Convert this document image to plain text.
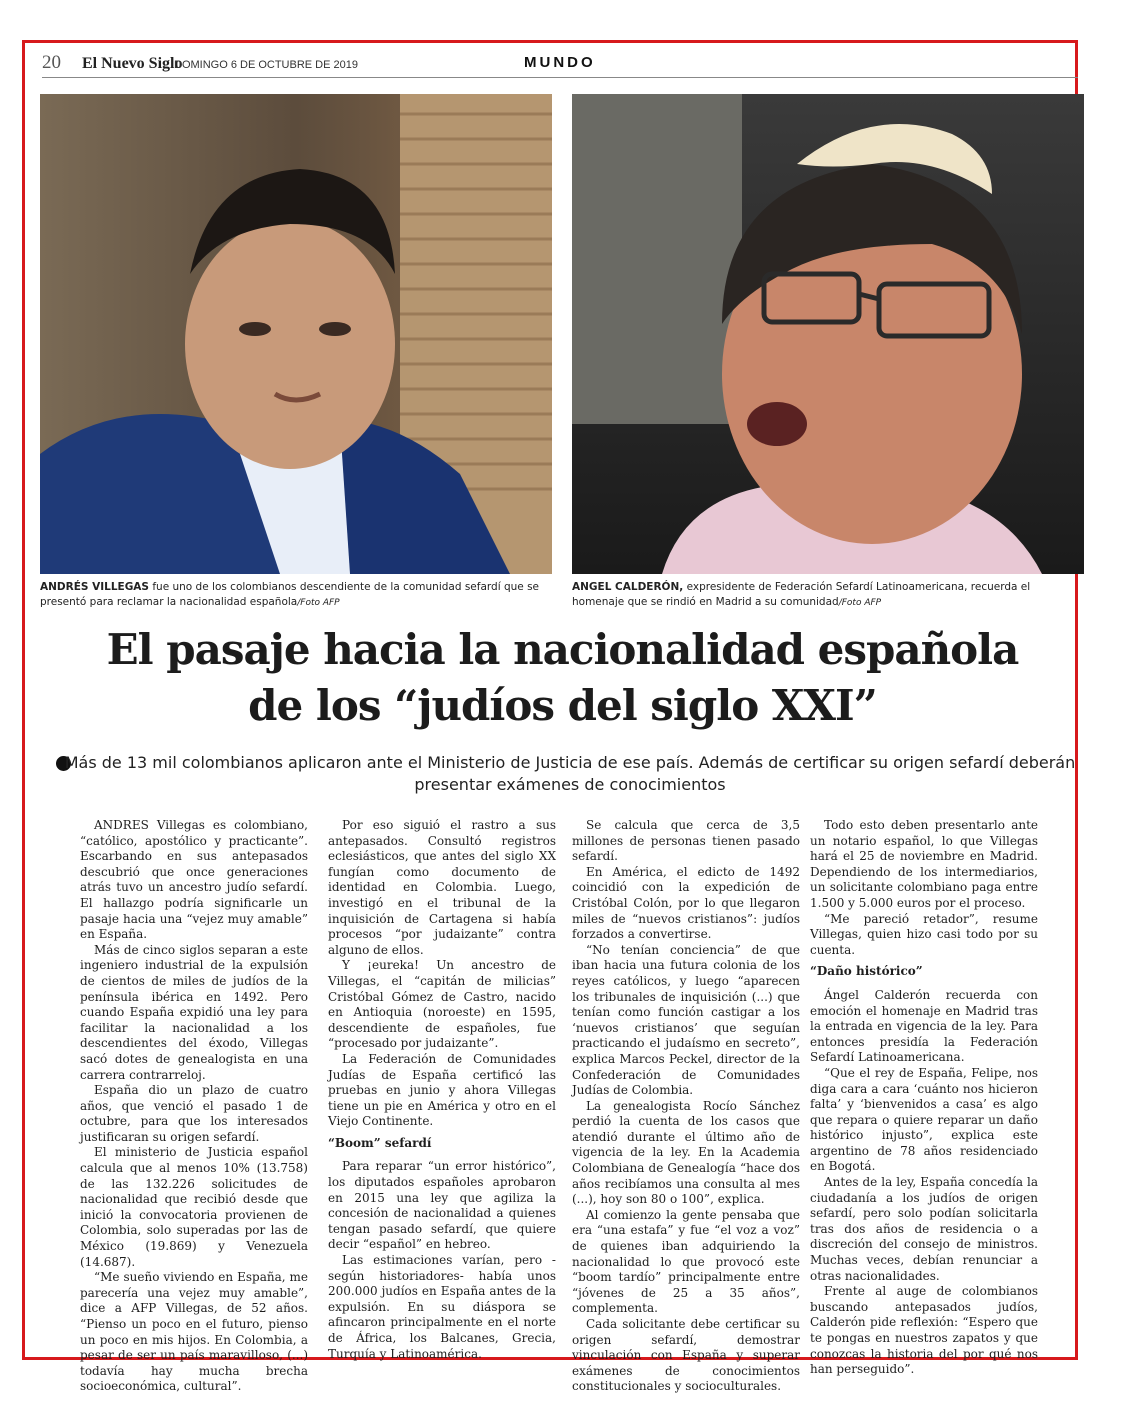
20 El Nuevo Siglo
DOMINGO 6 DE OCTUBRE DE 2019	MUNDO
ANDRÉS VILLEGAS fue uno de los colombianos descendiente de la comunidad sefardí que se presentó para reclamar la nacionalidad española/Foto AFP
ANGEL CALDERÓN, expresidente de Federación Sefardí Latinoamericana, recuerda el homenaje que se rindió en Madrid a su comunidad/Foto AFP
El pasaje hacia la nacionalidad española
de los “judíos del siglo XXI”
Más de 13 mil colombianos aplicaron ante el Ministerio de Justicia de ese país. Además de certificar su origen sefardí deberán presentar exámenes de conocimientos

ANDRES Villegas es colombiano, “católico, apostólico y practicante”. Escarbando en sus antepasados descubrió que once generaciones atrás tuvo un ancestro judío sefardí. El hallazgo podría significarle un pasaje hacia una “vejez muy amable” en España.

Más de cinco siglos separan a este ingeniero industrial de la expulsión de cientos de miles de judíos de la península ibérica en 1492. Pero cuando España expidió una ley para facilitar la nacionalidad a los descendientes del éxodo, Villegas sacó dotes de genealogista en una carrera contrarreloj.

España dio un plazo de cuatro años, que venció el pasado 1 de octubre, para que los interesados justificaran su origen sefardí.

El ministerio de Justicia español calcula que al menos 10% (13.758) de las 132.226 solicitudes de nacionalidad que recibió desde que inició la convocatoria provienen de Colombia, solo superadas por las de México (19.869) y Venezuela (14.687).

“Me sueño viviendo en España, me parecería una vejez muy amable”, dice a AFP Villegas, de 52 años. “Pienso un poco en el futuro, pienso un poco en mis hijos. En Colombia, a pesar de ser un país maravilloso, (...) todavía hay mucha brecha socioeconómica, cultural”.

Por eso siguió el rastro a sus antepasados. Consultó registros eclesiásticos, que antes del siglo XX fungían como documento de identidad en Colombia. Luego, investigó en el tribunal de la inquisición de Cartagena si había procesos “por judaizante” contra alguno de ellos.

Y ¡eureka! Un ancestro de Villegas, el “capitán de milicias” Cristóbal Gómez de Castro, nacido en Antioquia (noroeste) en 1595, descendiente de españoles, fue “procesado por judaizante”.

La Federación de Comunidades Judías de España certificó las pruebas en junio y ahora Villegas tiene un pie en América y otro en el Viejo Continente.

“Boom” sefardí

Para reparar “un error histórico”, los diputados españoles aprobaron en 2015 una ley que agiliza la concesión de nacionalidad a quienes tengan pasado sefardí, que quiere decir “español” en hebreo.

Las estimaciones varían, pero -según historiadores- había unos 200.000 judíos en España antes de la expulsión. En su diáspora se afincaron principalmente en el norte de África, los Balcanes, Grecia, Turquía y Latinoamérica.

Se calcula que cerca de 3,5 millones de personas tienen pasado sefardí.

En América, el edicto de 1492 coincidió con la expedición de Cristóbal Colón, por lo que llegaron miles de “nuevos cristianos”: judíos forzados a convertirse.

“No tenían conciencia” de que iban hacia una futura colonia de los reyes católicos, y luego “aparecen los tribunales de inquisición (...) que tenían como función castigar a los ‘nuevos cristianos’ que seguían practicando el judaísmo en secreto”, explica Marcos Peckel, director de la Confederación de Comunidades Judías de Colombia.

La genealogista Rocío Sánchez perdió la cuenta de los casos que atendió durante el último año de vigencia de la ley. En la Academia Colombiana de Genealogía “hace dos años recibíamos una consulta al mes (...), hoy son 80 o 100”, explica.

Al comienzo la gente pensaba que era “una estafa” y fue “el voz a voz” de quienes iban adquiriendo la nacionalidad lo que provocó este “boom tardío” principalmente entre “jóvenes de 25 a 35 años”, complementa.

Cada solicitante debe certificar su origen sefardí, demostrar vinculación con España y superar exámenes de conocimientos constitucionales y socioculturales.

Todo esto deben presentarlo ante un notario español, lo que Villegas hará el 25 de noviembre en Madrid. Dependiendo de los intermediarios, un solicitante colombiano paga entre 1.500 y 5.000 euros por el proceso.

“Me pareció retador”, resume Villegas, quien hizo casi todo por su cuenta.

“Daño histórico”

Ángel Calderón recuerda con emoción el homenaje en Madrid tras la entrada en vigencia de la ley. Para entonces presidía la Federación Sefardí Latinoamericana.

“Que el rey de España, Felipe, nos diga cara a cara ‘cuánto nos hicieron falta’ y ‘bienvenidos a casa’ es algo que repara o quiere reparar un daño histórico injusto”, explica este argentino de 78 años residenciado en Bogotá.

Antes de la ley, España concedía la ciudadanía a los judíos de origen sefardí, pero solo podían solicitarla tras dos años de residencia o a discreción del consejo de ministros. Muchas veces, debían renunciar a otras nacionalidades.

Frente al auge de colombianos buscando antepasados judíos, Calderón pide reflexión: “Espero que te pongas en nuestros zapatos y que conozcas la historia del por qué nos han perseguido”.
